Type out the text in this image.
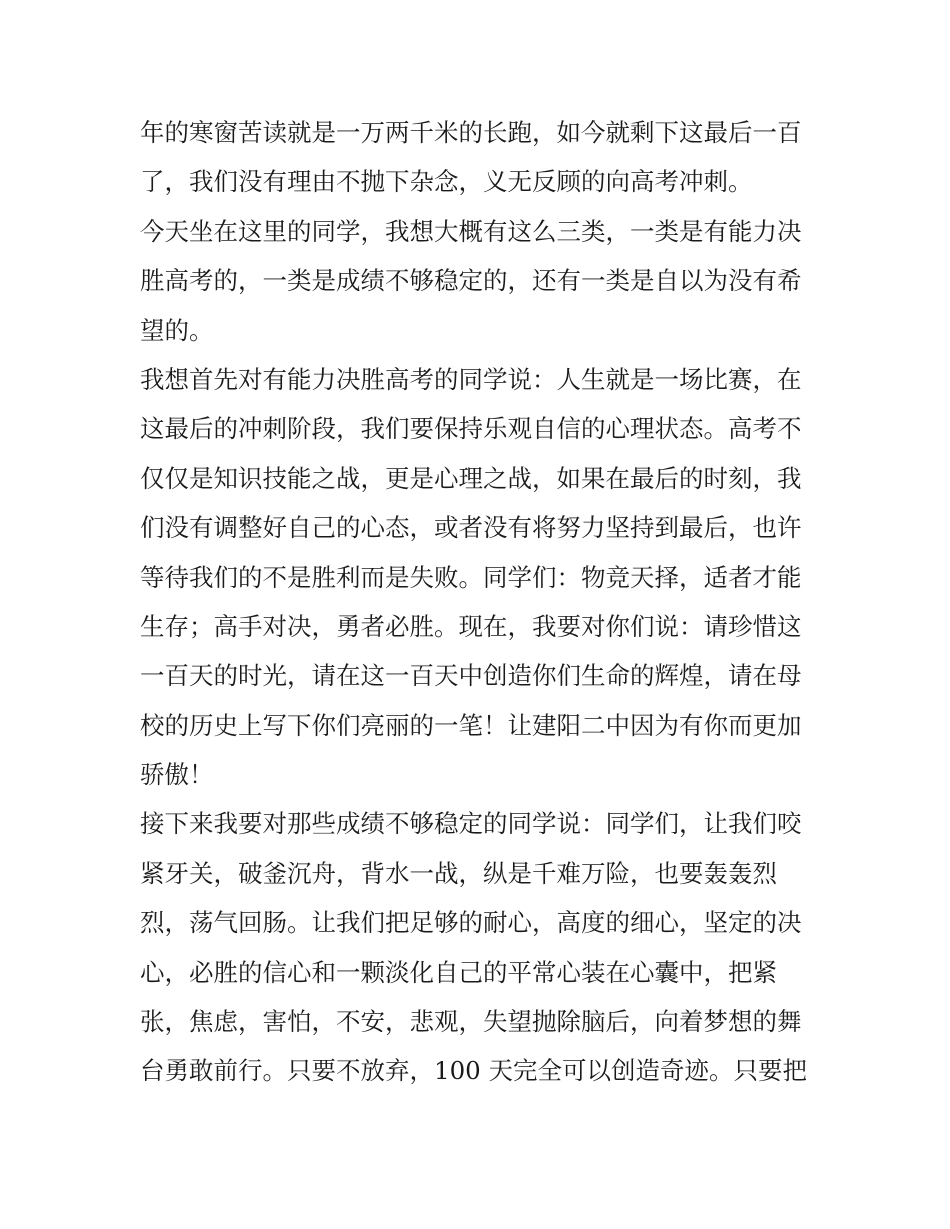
年的寒窗苦读就是一万两千米的长跑，如今就剩下这最后一百
了，我们没有理由不抛下杂念，义无反顾的向高考冲刺。
今天坐在这里的同学，我想大概有这么三类，一类是有能力决
胜高考的，一类是成绩不够稳定的，还有一类是自以为没有希
望的。
我想首先对有能力决胜高考的同学说：人生就是一场比赛，在
这最后的冲刺阶段，我们要保持乐观自信的心理状态。高考不
仅仅是知识技能之战，更是心理之战，如果在最后的时刻，我
们没有调整好自己的心态，或者没有将努力坚持到最后，也许
等待我们的不是胜利而是失败。同学们：物竞天择，适者才能
生存；高手对决，勇者必胜。现在，我要对你们说：请珍惜这
一百天的时光，请在这一百天中创造你们生命的辉煌，请在母
校的历史上写下你们亮丽的一笔！让建阳二中因为有你而更加
骄傲！
接下来我要对那些成绩不够稳定的同学说：同学们，让我们咬
紧牙关，破釜沉舟，背水一战，纵是千难万险，也要轰轰烈
烈，荡气回肠。让我们把足够的耐心，高度的细心，坚定的决
心，必胜的信心和一颗淡化自己的平常心装在心囊中，把紧
张，焦虑，害怕，不安，悲观，失望抛除脑后，向着梦想的舞
台勇敢前行。只要不放弃，100 天完全可以创造奇迹。只要把
